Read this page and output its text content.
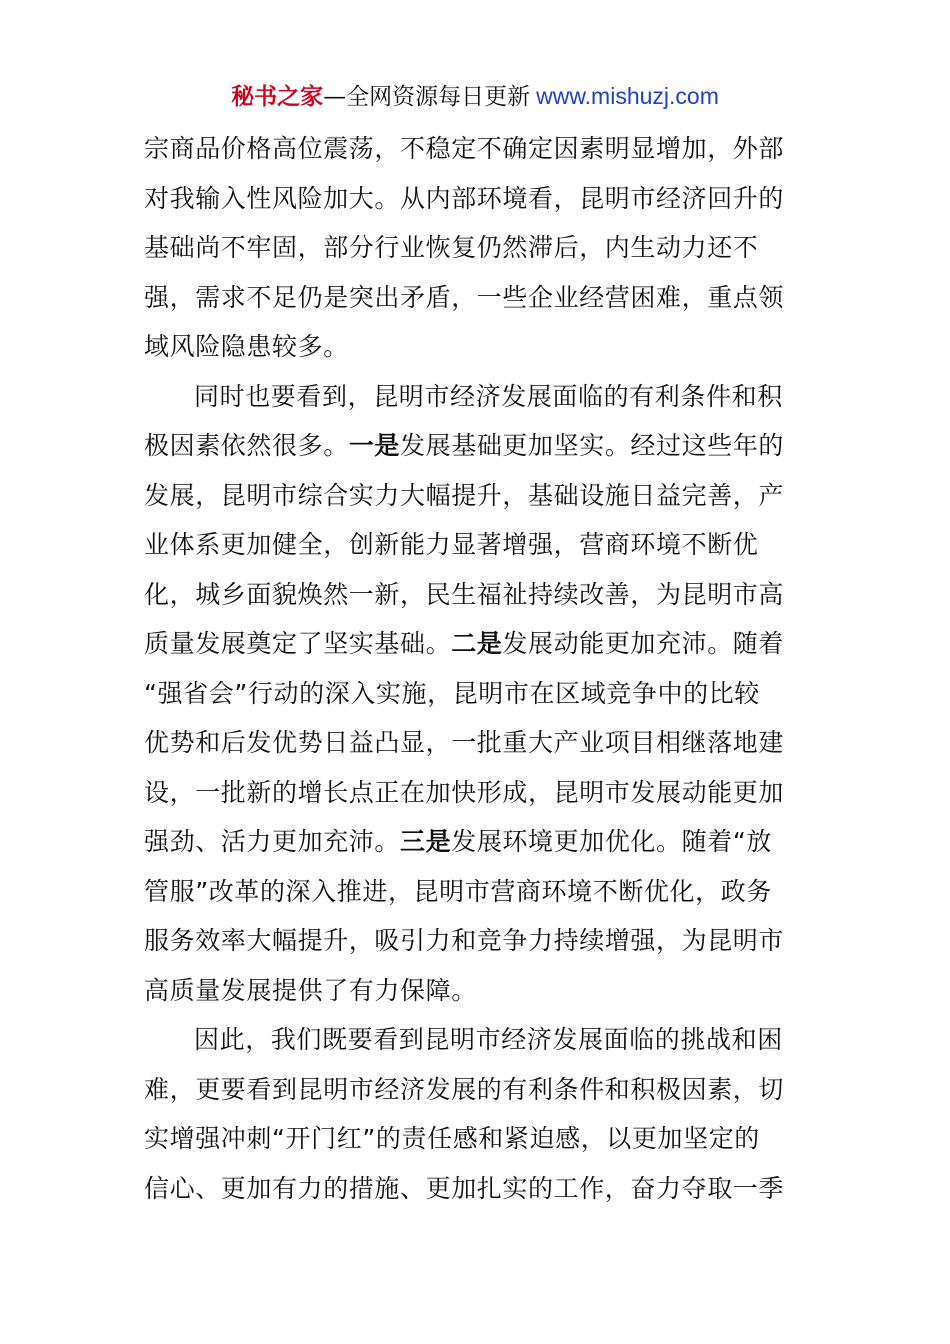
秘书之家—全网资源每日更新 www.mishuzj.com
宗商品价格高位震荡，不稳定不确定因素明显增加，外部
对我输入性风险加大。从内部环境看，昆明市经济回升的
基础尚不牢固，部分行业恢复仍然滞后，内生动力还不
强，需求不足仍是突出矛盾，一些企业经营困难，重点领
域风险隐患较多。
同时也要看到，昆明市经济发展面临的有利条件和积
极因素依然很多。一是发展基础更加坚实。经过这些年的
发展，昆明市综合实力大幅提升，基础设施日益完善，产
业体系更加健全，创新能力显著增强，营商环境不断优
化，城乡面貌焕然一新，民生福祉持续改善，为昆明市高
质量发展奠定了坚实基础。二是发展动能更加充沛。随着
“强省会”行动的深入实施，昆明市在区域竞争中的比较
优势和后发优势日益凸显，一批重大产业项目相继落地建
设，一批新的增长点正在加快形成，昆明市发展动能更加
强劲、活力更加充沛。三是发展环境更加优化。随着“放
管服”改革的深入推进，昆明市营商环境不断优化，政务
服务效率大幅提升，吸引力和竞争力持续增强，为昆明市
高质量发展提供了有力保障。
因此，我们既要看到昆明市经济发展面临的挑战和困
难，更要看到昆明市经济发展的有利条件和积极因素，切
实增强冲刺“开门红”的责任感和紧迫感，以更加坚定的
信心、更加有力的措施、更加扎实的工作，奋力夺取一季
